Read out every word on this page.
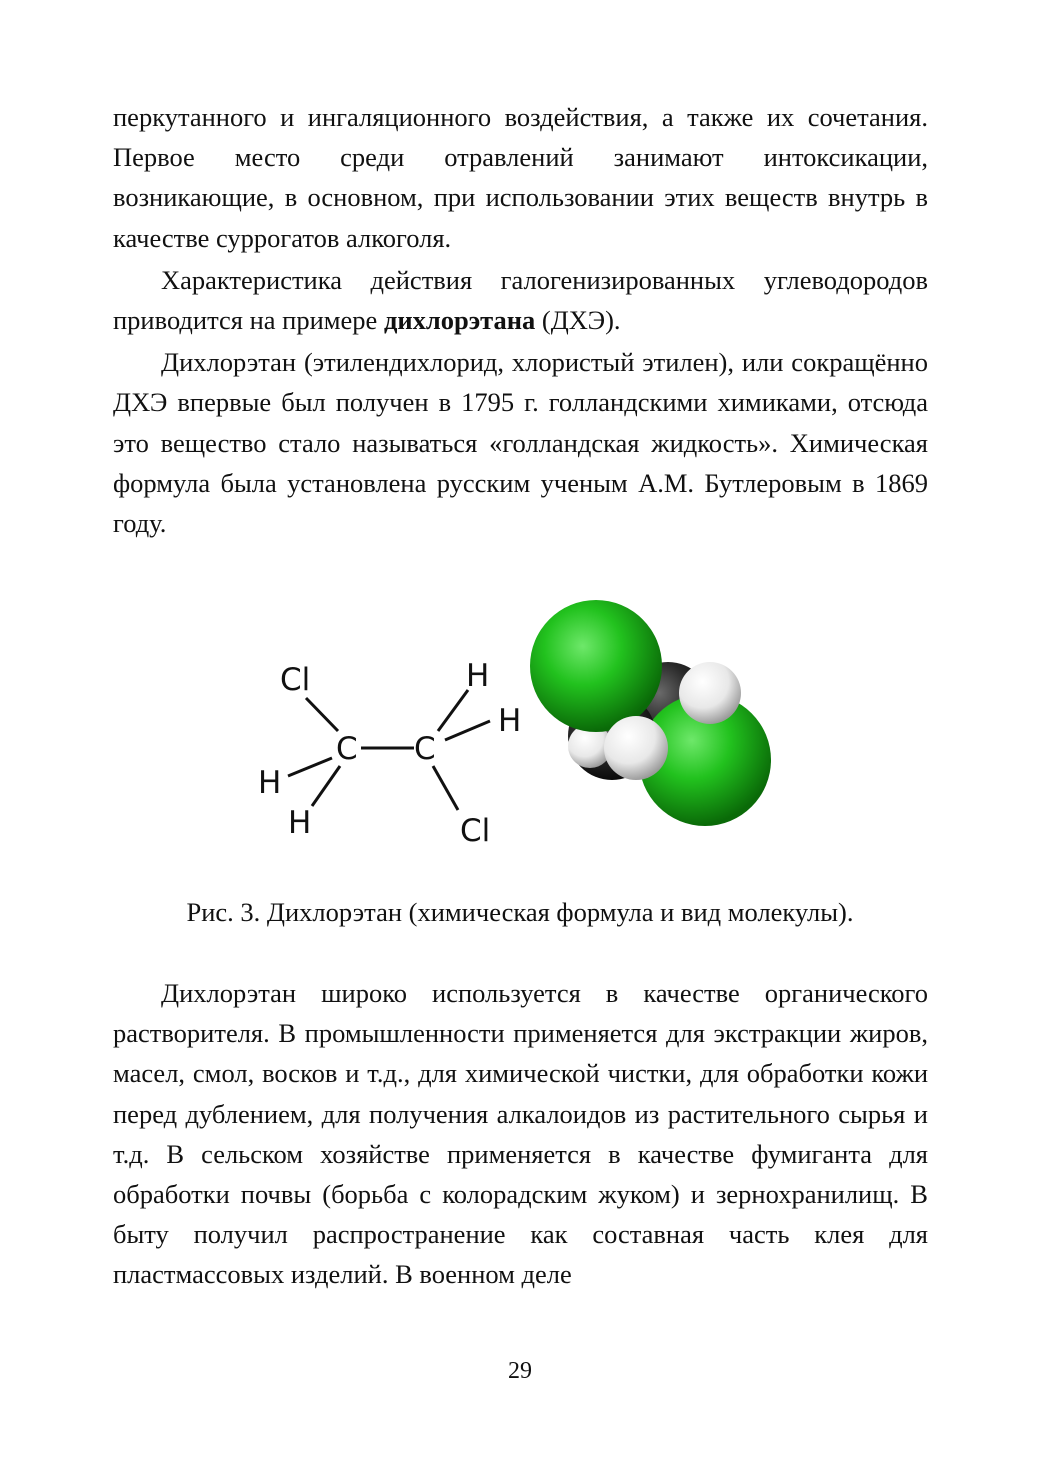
перкутанного и ингаляционного воздействия, а также их сочетания. Первое место среди отравлений занимают интоксикации, возникающие, в основном, при использовании этих веществ внутрь в качестве суррогатов алкоголя.

Характеристика действия галогенизированных углеводородов приводится на примере дихлорэтана (ДХЭ).

Дихлорэтан (этилендихлорид, хлористый этилен), или сокращённо ДХЭ впервые был получен в 1795 г. голландскими химиками, отсюда это вещество стало называться «голландская жидкость». Химическая формула была установлена русским ученым А.М. Бутлеровым в 1869 году.

Cl
C C
H
H
H
H	Cl
Рис. 3. Дихлорэтан (химическая формула и вид молекулы).

Дихлорэтан широко используется в качестве органического растворителя. В промышленности применяется для экстракции жиров, масел, смол, восков и т.д., для химической чистки, для обработки кожи перед дублением, для получения алкалоидов из растительного сырья и т.д. В сельском хозяйстве применяется в качестве фумиганта для обработки почвы (борьба с колорадским жуком) и зернохранилищ. В быту получил распространение как составная часть клея для пластмассовых изделий. В военном деле

29
